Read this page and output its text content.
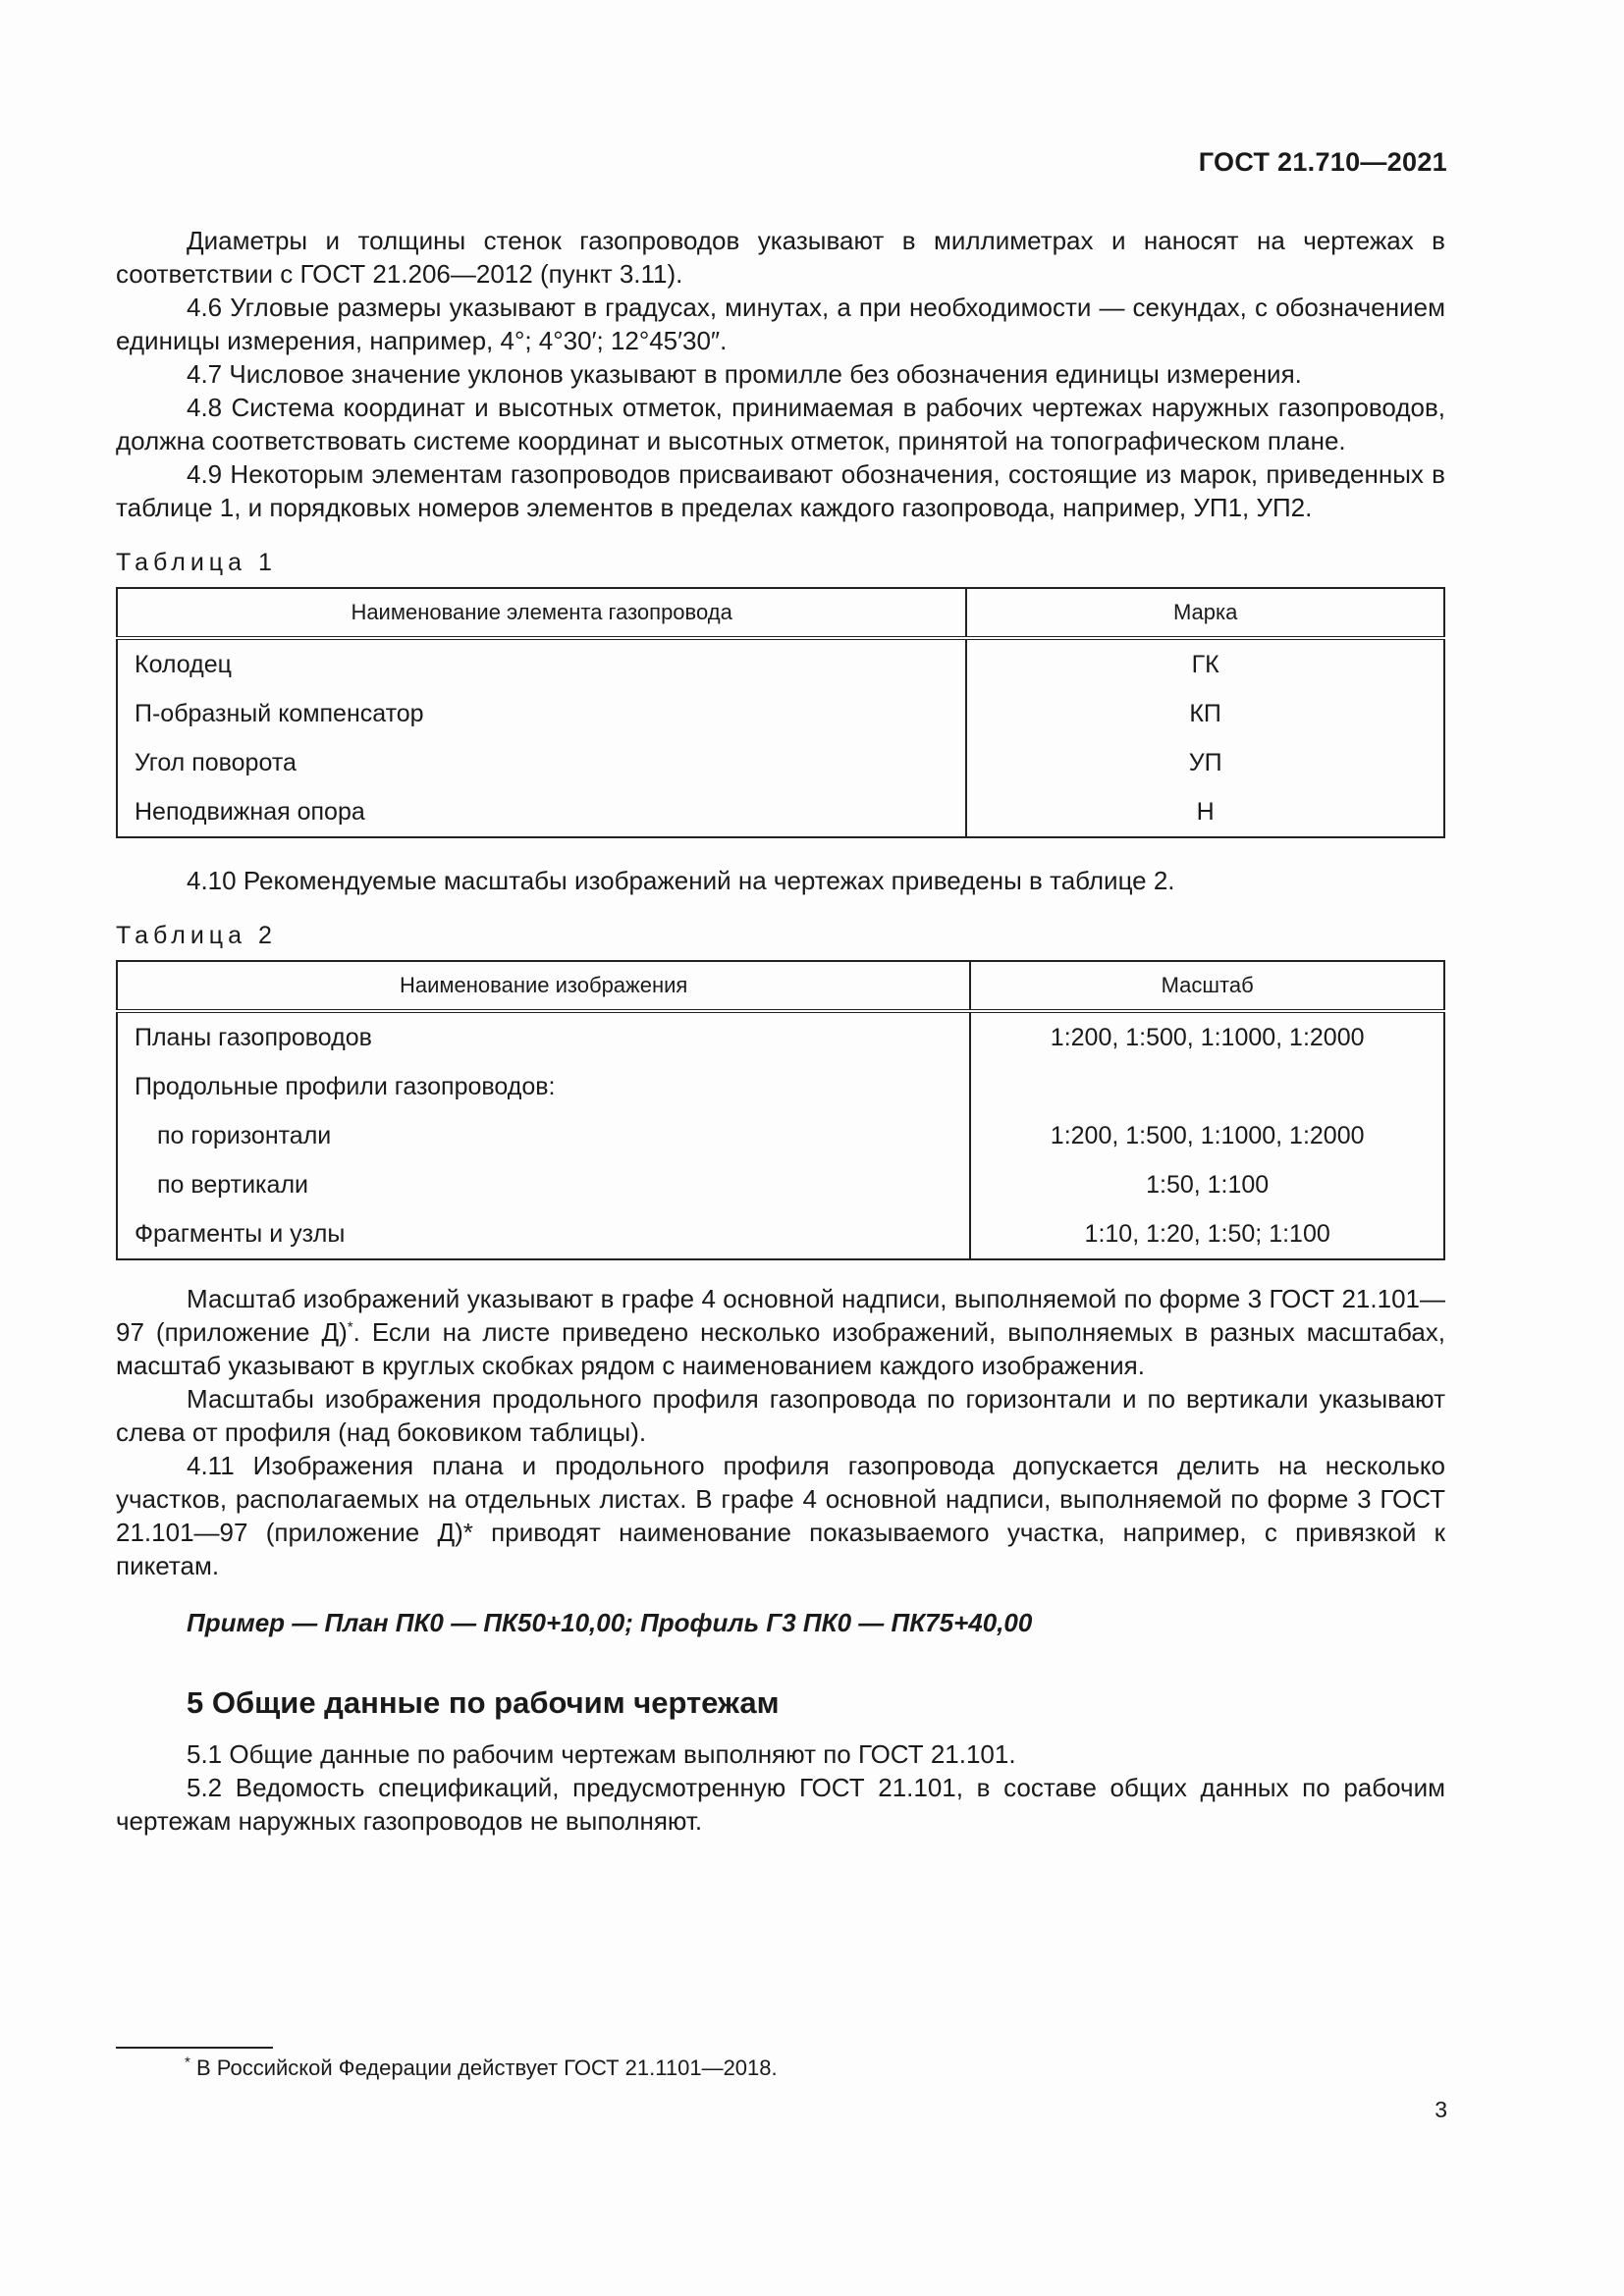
ГОСТ 21.710—2021

Диаметры и толщины стенок газопроводов указывают в миллиметрах и наносят на чертежах в соответствии с ГОСТ 21.206—2012 (пункт 3.11).

4.6 Угловые размеры указывают в градусах, минутах, а при необходимости — секундах, с обозначением единицы измерения, например, 4°; 4°30′; 12°45′30″.

4.7 Числовое значение уклонов указывают в промилле без обозначения единицы измерения.

4.8 Система координат и высотных отметок, принимаемая в рабочих чертежах наружных газопроводов, должна соответствовать системе координат и высотных отметок, принятой на топографическом плане.

4.9 Некоторым элементам газопроводов присваивают обозначения, состоящие из марок, приведенных в таблице 1, и порядковых номеров элементов в пределах каждого газопровода, например, УП1, УП2.

Таблица 1
Наименование элемента газопровода	Марка
Колодец	ГК
П-образный компенсатор	КП
Угол поворота	УП
Неподвижная опора	Н

4.10 Рекомендуемые масштабы изображений на чертежах приведены в таблице 2.

Таблица 2
Наименование изображения	Масштаб
Планы газопроводов	1:200, 1:500, 1:1000, 1:2000
Продольные профили газопроводов:	
по горизонтали	1:200, 1:500, 1:1000, 1:2000
по вертикали	1:50, 1:100
Фрагменты и узлы	1:10, 1:20, 1:50; 1:100

Масштаб изображений указывают в графе 4 основной надписи, выполняемой по форме 3 ГОСТ 21.101—97 (приложение Д)*. Если на листе приведено несколько изображений, выполняемых в разных масштабах, масштаб указывают в круглых скобках рядом с наименованием каждого изображения.

Масштабы изображения продольного профиля газопровода по горизонтали и по вертикали указывают слева от профиля (над боковиком таблицы).

4.11 Изображения плана и продольного профиля газопровода допускается делить на несколько участков, располагаемых на отдельных листах. В графе 4 основной надписи, выполняемой по форме 3 ГОСТ 21.101—97 (приложение Д)* приводят наименование показываемого участка, например, с привязкой к пикетам.

Пример — План ПК0 — ПК50+10,00; Профиль Г3 ПК0 — ПК75+40,00

5 Общие данные по рабочим чертежам

5.1 Общие данные по рабочим чертежам выполняют по ГОСТ 21.101.

5.2 Ведомость спецификаций, предусмотренную ГОСТ 21.101, в составе общих данных по рабочим чертежам наружных газопроводов не выполняют.

* В Российской Федерации действует ГОСТ 21.1101—2018.
3
